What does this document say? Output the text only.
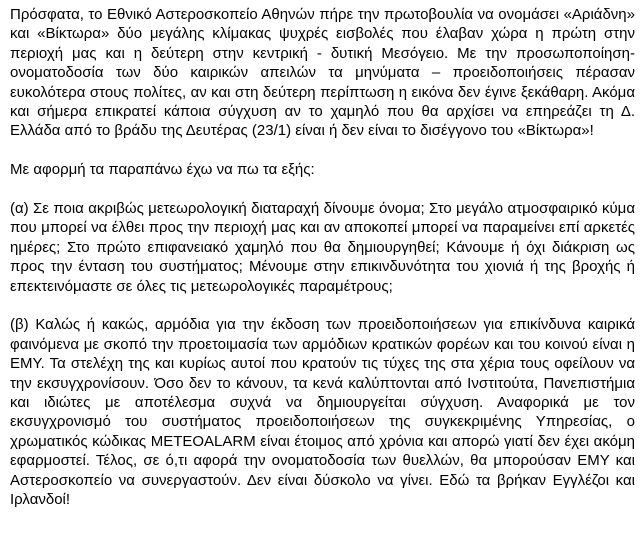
Πρόσφατα, το Εθνικό Αστεροσκοπείο Αθηνών πήρε την πρωτοβουλία να ονομάσει «Αριάδνη» και «Βίκτωρα» δύο μεγάλης κλίμακας ψυχρές εισβολές που έλαβαν χώρα η πρώτη στην περιοχή μας και η δεύτερη στην κεντρική - δυτική Μεσόγειο. Με την προσωποποίηση-ονοματοδοσία των δύο καιρικών απειλών τα μηνύματα – προειδοποιήσεις πέρασαν ευκολότερα στους πολίτες, αν και στη δεύτερη περίπτωση η εικόνα δεν έγινε ξεκάθαρη. Ακόμα και σήμερα επικρατεί κάποια σύγχυση αν το χαμηλό που θα αρχίσει να επηρεάζει τη Δ. Ελλάδα από το βράδυ της Δευτέρας (23/1) είναι ή δεν είναι το δισέγγονο του «Βίκτωρα»!

Με αφορμή τα παραπάνω έχω να πω τα εξής:

(α) Σε ποια ακριβώς μετεωρολογική διαταραχή δίνουμε όνομα; Στο μεγάλο ατμοσφαιρικό κύμα που μπορεί να έλθει προς την περιοχή μας και αν αποκοπεί μπορεί να παραμείνει επί αρκετές ημέρες; Στο πρώτο επιφανειακό χαμηλό που θα δημιουργηθεί; Κάνουμε ή όχι διάκριση ως προς την ένταση του συστήματος; Μένουμε στην επικινδυνότητα του χιονιά ή της βροχής ή επεκτεινόμαστε σε όλες τις μετεωρολογικές παραμέτρους;

(β) Καλώς ή κακώς, αρμόδια για την έκδοση των προειδοποιήσεων για επικίνδυνα καιρικά φαινόμενα με σκοπό την προετοιμασία των αρμόδιων κρατικών φορέων και του κοινού είναι η ΕΜΥ. Τα στελέχη της και κυρίως αυτοί που κρατούν τις τύχες της στα χέρια τους οφείλουν να την εκσυγχρονίσουν. Όσο δεν το κάνουν, τα κενά καλύπτονται από Ινστιτούτα, Πανεπιστήμια και ιδιώτες με αποτέλεσμα συχνά να δημιουργείται σύγχυση. Αναφορικά με τον εκσυγχρονισμό του συστήματος προειδοποιήσεων της συγκεκριμένης Υπηρεσίας, ο χρωματικός κώδικας METEOALARM είναι έτοιμος από χρόνια και απορώ γιατί δεν έχει ακόμη εφαρμοστεί. Τέλος, σε ό,τι αφορά την ονοματοδοσία των θυελλών, θα μπορούσαν ΕΜΥ και Αστεροσκοπείο να συνεργαστούν. Δεν είναι δύσκολο να γίνει. Εδώ τα βρήκαν Εγγλέζοι και Ιρλανδοί!
